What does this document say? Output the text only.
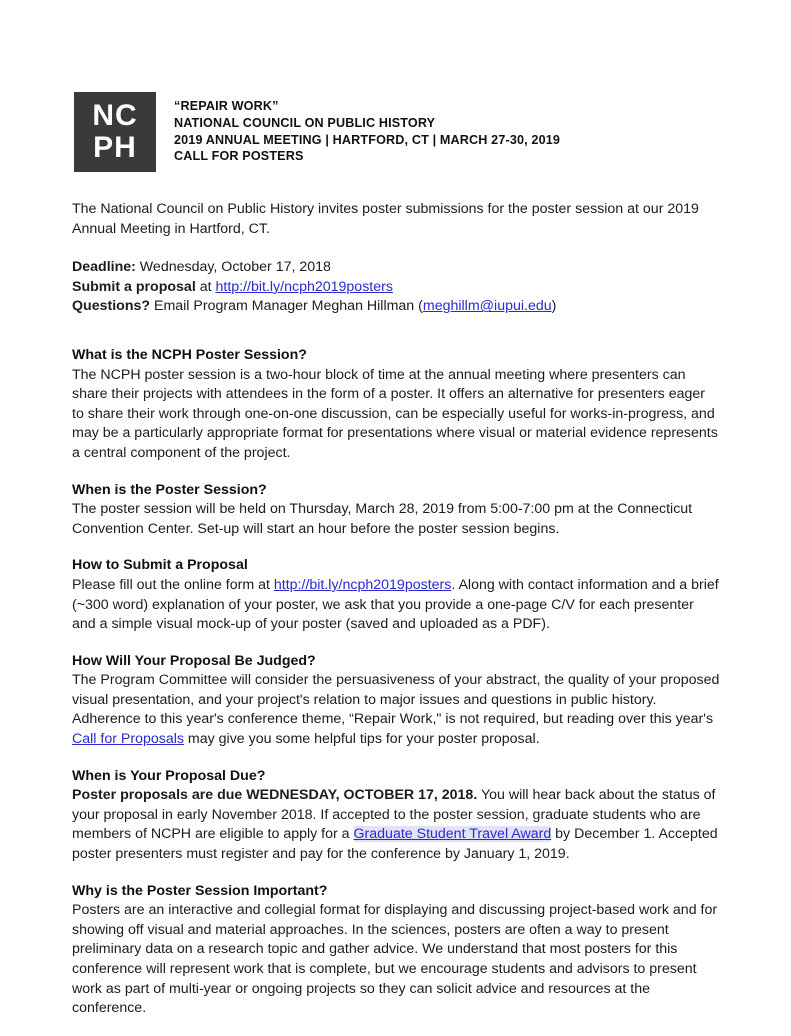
NC
PH
“REPAIR WORK”
NATIONAL COUNCIL ON PUBLIC HISTORY
2019 ANNUAL MEETING | HARTFORD, CT | MARCH 27-30, 2019
CALL FOR POSTERS

The National Council on Public History invites poster submissions for the poster session at our 2019 Annual Meeting in Hartford, CT.

Deadline: Wednesday, October 17, 2018
Submit a proposal at http://bit.ly/ncph2019posters
Questions? Email Program Manager Meghan Hillman (meghillm@iupui.edu)
What is the NCPH Poster Session?

The NCPH poster session is a two-hour block of time at the annual meeting where presenters can share their projects with attendees in the form of a poster. It offers an alternative for presenters eager to share their work through one-on-one discussion, can be especially useful for works-in-progress, and may be a particularly appropriate format for presentations where visual or material evidence represents a central component of the project.

When is the Poster Session?

The poster session will be held on Thursday, March 28, 2019 from 5:00-7:00 pm at the Connecticut Convention Center. Set-up will start an hour before the poster session begins.

How to Submit a Proposal

Please fill out the online form at http://bit.ly/ncph2019posters. Along with contact information and a brief (~300 word) explanation of your poster, we ask that you provide a one-page C/V for each presenter and a simple visual mock-up of your poster (saved and uploaded as a PDF).

How Will Your Proposal Be Judged?

The Program Committee will consider the persuasiveness of your abstract, the quality of your proposed visual presentation, and your project's relation to major issues and questions in public history. Adherence to this year's conference theme, “Repair Work," is not required, but reading over this year's Call for Proposals may give you some helpful tips for your poster proposal.

When is Your Proposal Due?

Poster proposals are due WEDNESDAY, OCTOBER 17, 2018. You will hear back about the status of your proposal in early November 2018. If accepted to the poster session, graduate students who are members of NCPH are eligible to apply for a Graduate Student Travel Award by December 1. Accepted poster presenters must register and pay for the conference by January 1, 2019.

Why is the Poster Session Important?

Posters are an interactive and collegial format for displaying and discussing project-based work and for showing off visual and material approaches. In the sciences, posters are often a way to present preliminary data on a research topic and gather advice. We understand that most posters for this conference will represent work that is complete, but we encourage students and advisors to present work as part of multi-year or ongoing projects so they can solicit advice and resources at the conference.
